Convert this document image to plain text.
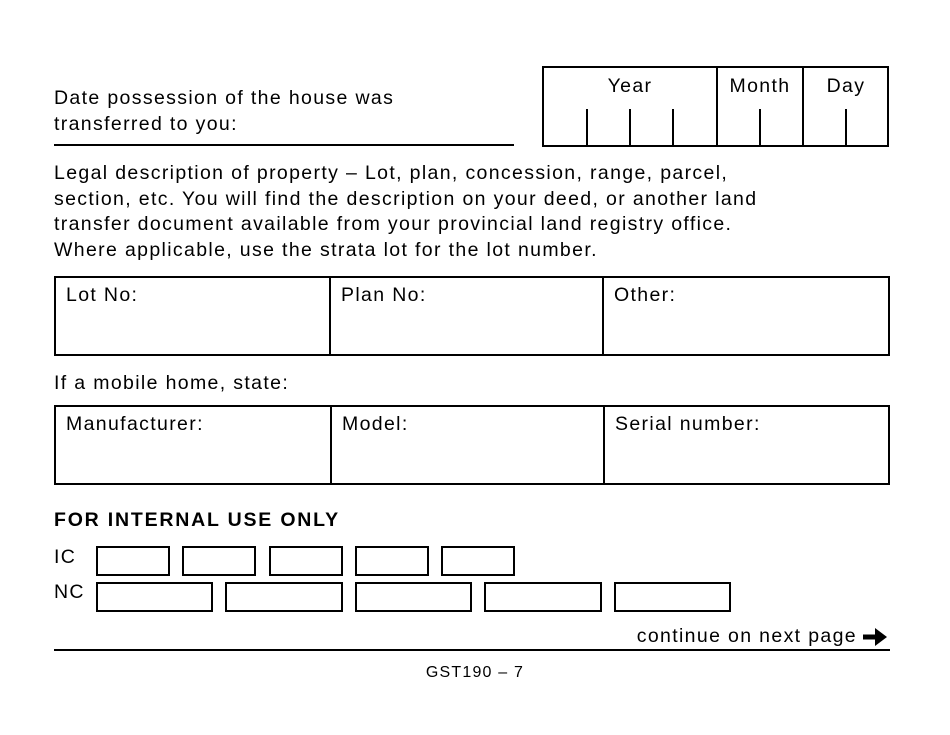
Date possession of the house was
transferred to you:
Year	Month	Day
Legal description of property – Lot, plan, concession, range, parcel,
section, etc. You will find the description on your deed, or another land
transfer document available from your provincial land registry office.
Where applicable, use the strata lot for the lot number.
Lot No:	Plan No:	Other:
If a mobile home, state:
Manufacturer:	Model:	Serial number:
FOR INTERNAL USE ONLY
IC
NC
continue on next page
GST190 – 7
